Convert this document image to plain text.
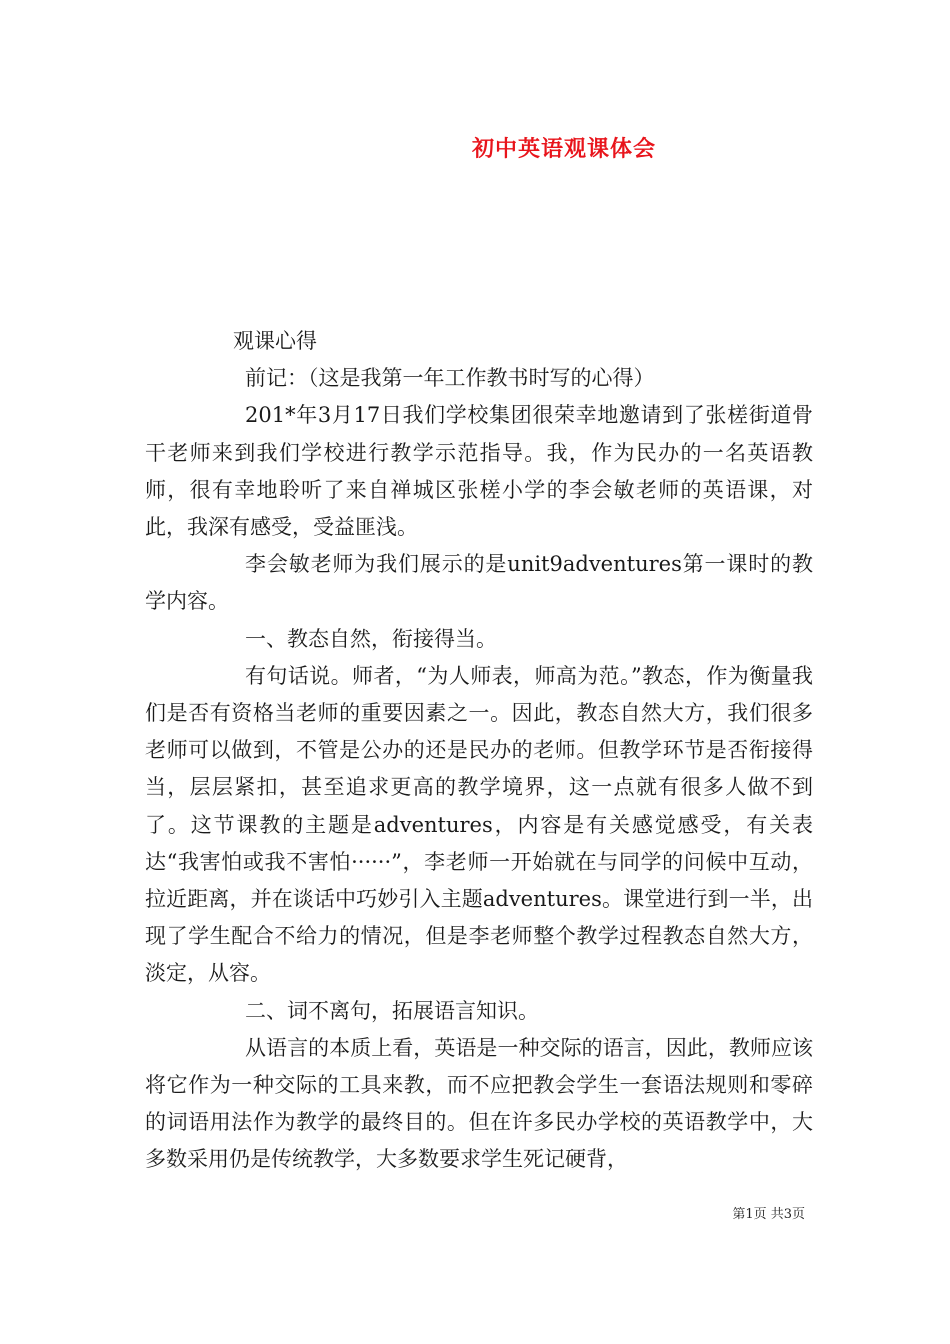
初中英语观课体会

观课心得

前记：（这是我第一年工作教书时写的心得）

201*年3月17日我们学校集团很荣幸地邀请到了张槎街道骨干老师来到我们学校进行教学示范指导。我，作为民办的一名英语教师，很有幸地聆听了来自禅城区张槎小学的李会敏老师的英语课，对此，我深有感受，受益匪浅。

李会敏老师为我们展示的是unit9adventures第一课时的教学内容。

一、教态自然，衔接得当。

有句话说。师者，“为人师表，师高为范。”教态，作为衡量我们是否有资格当老师的重要因素之一。因此，教态自然大方，我们很多老师可以做到，不管是公办的还是民办的老师。但教学环节是否衔接得当，层层紧扣，甚至追求更高的教学境界，这一点就有很多人做不到了。这节课教的主题是adventures，内容是有关感觉感受，有关表达“我害怕或我不害怕······”，李老师一开始就在与同学的问候中互动，拉近距离，并在谈话中巧妙引入主题adventures。课堂进行到一半，出现了学生配合不给力的情况，但是李老师整个教学过程教态自然大方，淡定，从容。

二、词不离句，拓展语言知识。

从语言的本质上看，英语是一种交际的语言，因此，教师应该将它作为一种交际的工具来教，而不应把教会学生一套语法规则和零碎的词语用法作为教学的最终目的。但在许多民办学校的英语教学中，大多数采用仍是传统教学，大多数要求学生死记硬背，

第1页 共3页
